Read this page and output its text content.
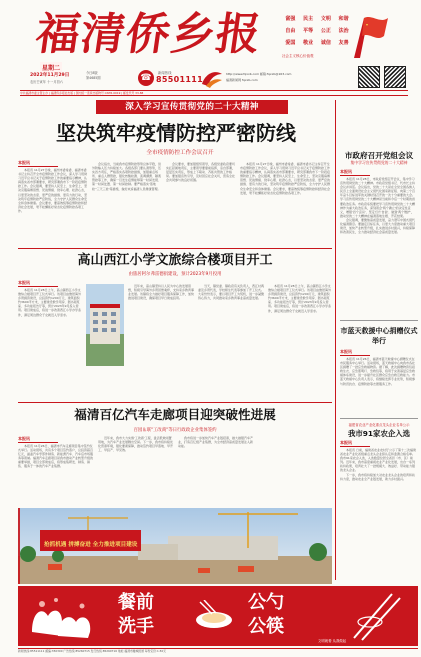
福清侨乡报	富强	民主	文明	和谐
自由	平等	公正	法治
爱国	敬业	诚信	友善
社会主义核心价值观
星期二
2022年11月29日
农历壬寅年 十一月初六
今日8版
第4685期	☎	新闻热线
85501111
http://www.fqxxb.com 邮箱:fqxxb@163.com
福清新闻网 fqxxb.com
中共福清市委主管主办 | 福清侨乡报社出版 | 国内统一连续出版物号 CN35-0019 | 邮发代号 33-88
深入学习宣传贯彻党的二十大精神
坚决筑牢疫情防控严密防线
全市疫情防控工作会议召开
本报讯

本报讯 11月27日晚，福州市委常委、福清市委书记主持召开全市疫情防控工作会议，深入学习贯彻习近平总书记关于疫情防控工作的重要指示精神，认真落实省市部署要求，研究部署我市下一阶段疫情防控工作。会议强调，要坚持人民至上、生命至上，坚决克服麻痹思想、厌战情绪、侥幸心理、松劲心态，以更坚决的态度、更严密的措施、更有力的行动，坚决筑牢疫情防控严密防线，全力守护人民群众生命安全和身体健康。会议要求，要高效统筹疫情防控和经济社会发展，毫不松懈抓好常态化疫情防控各项工作。

会议指出，当前我市疫情防控形势总体平稳，但外防输入压力持续加大。各级各部门要认清形势，压实四方责任，严格落实各项防控措施，加强重点场所、重点人群管控，强化核酸检测、流调溯源、隔离管控等工作，确保一旦发生疫情能够第一时间发现、第一时间处置、第一时间控制。要严格落实'落地检''三天三检'等措施，做好来返福清人员健康管理。

会议要求，要加强组织领导，各级党委政府要切实扛起属地责任，主要领导要靠前指挥，亲自部署，层层压实责任，形成上下联动、齐抓共管的工作格局。要加强宣传引导，及时回应社会关切，营造全社会共同参与的良好氛围。

本报讯 11月27日晚，福州市委常委、福清市委书记主持召开全市疫情防控工作会议，深入学习贯彻习近平总书记关于疫情防控工作的重要指示精神，认真落实省市部署要求，研究部署我市下一阶段疫情防控工作。会议强调，要坚持人民至上、生命至上，坚决克服麻痹思想、厌战情绪、侥幸心理、松劲心态，以更坚决的态度、更严密的措施、更有力的行动，坚决筑牢疫情防控严密防线，全力守护人民群众生命安全和身体健康。会议要求，要高效统筹疫情防控和经济社会发展，毫不松懈抓好常态化疫情防控各项工作。

市政府召开党组会议
集中学习宣传贯彻党的二十大精神
本报讯

本报讯 11月28日，市政府党组召开会议，集中学习宣传贯彻党的二十大精神。市政府党组书记、代市长主持会议并讲话。会议指出，党的二十大是在全党全国各族人民迈上全面建设社会主义现代化国家新征程、向第二个百年奋斗目标进军的关键时刻召开的一次十分重要的大会。学习宣传贯彻党的二十大精神是当前和今后一个时期的首要政治任务。市政府系统要把学习宣传贯彻党的二十大精神作为重大政治任务，深刻领会'两个确立'的决定性意义，增强'四个意识'、坚定'四个自信'、做到'两个维护'，推动党的二十大精神在福清落地生根、开花结果。

会议强调，要聚焦高质量发展，奋力谱写中国式现代化福清篇章。要锚定目标任务，以更大力度推动重大项目建设，加快产业转型升级，扎实推进乡村振兴，持续保障和改善民生，全力推动经济社会高质量发展。

市蓝天救援中心捐赠仪式举行
本报讯

本报讯 11月26日，福清市蓝天救援中心捐赠仪式在市民服务中心举行。活动现场，蓝天救援中心向我市各社区捐赠了一批应急救援物资。据了解，此次捐赠物资包括救生衣、应急照明灯、急救包等，将用于完善基层应急救援体系建设，进一步提升社区群众应急自救互救能力。市蓝天救援中心负责人表示，将继续发挥专业优势，积极参与防汛抗台、疫情防控等志愿服务工作。

福建省农业产业化重点龙头企业名单公示
我市91家农企入选
本报讯

本报讯 日前，福建省农业农村厅公示了第十二次福建省农业产业化省级重点龙头企业拟认定和监测合格名单。我市91家农企入选，入选数量位居全省县（市、区）前列。近年来，我市高度重视农业产业化发展，出台一系列扶持政策，培育壮大了一批规模大、效益好、带动能力强的龙头企业。

下一步，我市将持续加大对农业龙头企业的培育和扶持力度，推动农业全产业链发展，助力乡村振兴。

高山西江小学文旅综合楼项目开工
由旅居阿尔弗雷德捐建设，预计2023年9月投用
本报讯

本报讯 11月28日上午，高山镇西江小学文旅综合楼项目开工仪式举行。该项目由旅居海外乡贤捐资建设，总投资约1200万元，建筑面积约3600平方米，主要建设教学用房、图书阅览室、多功能报告厅等，预计2023年9月投入使用。项目建成后，将进一步改善西江小学办学条件，满足周边群众子女就近入学需求。

近年来，高山镇坚持以人民为中心的发展思想，积极引导海外乡贤回馈桑梓，支持家乡教育事业发展。该镇将全力做好项目服务保障工作，加快推进项目建设，确保项目早日建成投用。

当天，镇党委、镇政府有关负责人，西江村两委及乡贤代表，学校师生代表等参加了开工仪式。大家纷纷表示，要以项目开工为契机，进一步凝聚侨心侨力，共同推动家乡教育事业高质量发展。

本报讯 11月28日上午，高山镇西江小学文旅综合楼项目开工仪式举行。该项目由旅居海外乡贤捐资建设，总投资约1200万元，建筑面积约3600平方米，主要建设教学用房、图书阅览室、多功能报告厅等，预计2023年9月投入使用。项目建成后，将进一步改善西江小学办学条件，满足周边群众子女就近入学需求。

福清百亿汽车走廊项目迎突破性进展
百园＆联"工改商"等日行政政企业集体签约
本报讯

本报讯 11月26日，福清市汽车走廊项目集中签约仪式举行。活动现场，共有多个项目签约落户，总投资超百亿元，涵盖汽车零部件制造、新能源汽车、汽车后市场服务等领域。福清汽车走廊项目是我市推动产业转型升级的重要举措，项目全部建成后，将形成集研发、制造、销售、服务于一体的汽车产业集群。

近年来，我市大力实施'工改商'工程，盘活低效闲置用地，为汽车产业发展腾出空间。下一步，我市将持续优化营商环境，强化要素保障，推动签约项目早落地、早开工、早投产、早见效。

我市将进一步加快汽车产业链招商，做大做强汽车产业，打造百亿级产业集群，为全市经济高质量发展注入新动能。

抢抓机遇 拼搏奋进 全力推进项目建设
餐前
洗手
公勺
公筷
文明就餐 从我做起
新闻热线:85511111 邮编:350300 广告热线:85260715 发行热线:85260716 地址:福清市融城街道 每份定价:1.50元
